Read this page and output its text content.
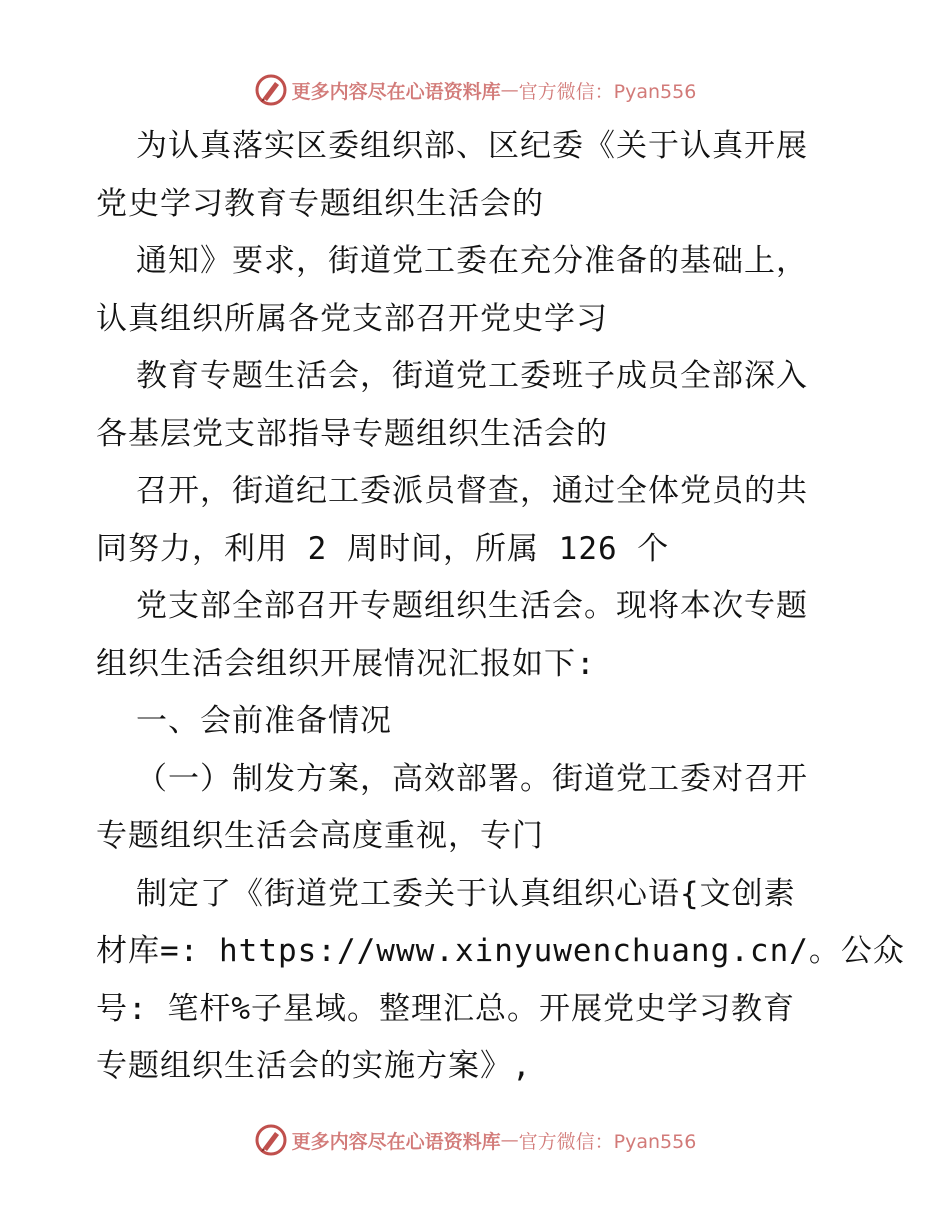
更多内容尽在心语资料库 — 官方微信：Pyan556
为认真落实区委组织部、区纪委《关于认真开展
党史学习教育专题组织生活会的
通知》要求，街道党工委在充分准备的基础上，
认真组织所属各党支部召开党史学习
教育专题生活会，街道党工委班子成员全部深入
各基层党支部指导专题组织生活会的
召开，街道纪工委派员督查，通过全体党员的共
同努力，利用 2 周时间，所属 126 个
党支部全部召开专题组织生活会。现将本次专题
组织生活会组织开展情况汇报如下:
一、会前准备情况
（一）制发方案，高效部署。街道党工委对召开
专题组织生活会高度重视，专门
制定了《街道党工委关于认真组织心语{文创素
材库=: https://www.xinyuwenchuang.cn/。公众
号: 笔杆%子星域。整理汇总。开展党史学习教育
专题组织生活会的实施方案》,
更多内容尽在心语资料库 — 官方微信：Pyan556
